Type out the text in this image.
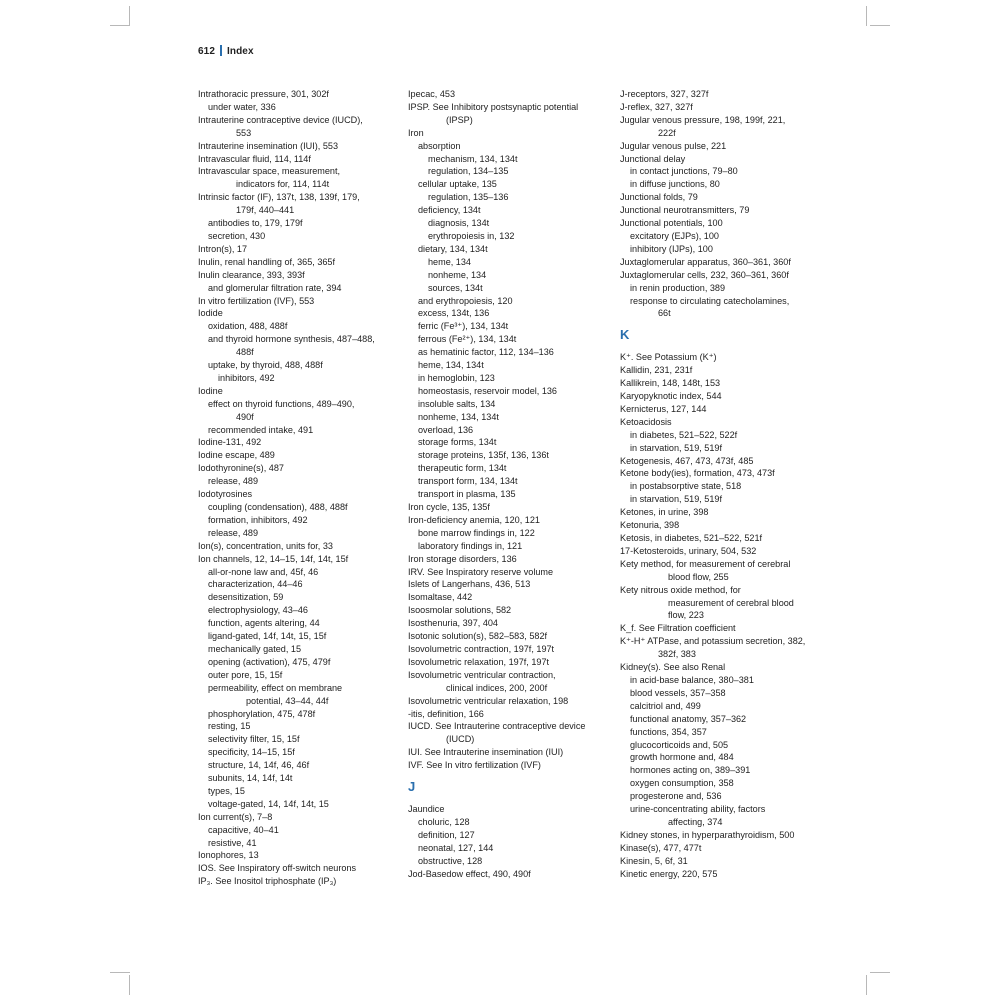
612 Index
Intrathoracic pressure, 301, 302f
under water, 336
Intrauterine contraceptive device (IUCD),
553
Intrauterine insemination (IUI), 553
Intravascular fluid, 114, 114f
Intravascular space, measurement,
indicators for, 114, 114t
Intrinsic factor (IF), 137t, 138, 139f, 179,
179f, 440–441
antibodies to, 179, 179f
secretion, 430
Intron(s), 17
Inulin, renal handling of, 365, 365f
Inulin clearance, 393, 393f
and glomerular filtration rate, 394
In vitro fertilization (IVF), 553
Iodide
oxidation, 488, 488f
and thyroid hormone synthesis, 487–488,
488f
uptake, by thyroid, 488, 488f
inhibitors, 492
Iodine
effect on thyroid functions, 489–490,
490f
recommended intake, 491
Iodine-131, 492
Iodine escape, 489
Iodothyronine(s), 487
release, 489
Iodotyrosines
coupling (condensation), 488, 488f
formation, inhibitors, 492
release, 489
Ion(s), concentration, units for, 33
Ion channels, 12, 14–15, 14f, 14t, 15f
all-or-none law and, 45f, 46
characterization, 44–46
desensitization, 59
electrophysiology, 43–46
function, agents altering, 44
ligand-gated, 14f, 14t, 15, 15f
mechanically gated, 15
opening (activation), 475, 479f
outer pore, 15, 15f
permeability, effect on membrane
potential, 43–44, 44f
phosphorylation, 475, 478f
resting, 15
selectivity filter, 15, 15f
specificity, 14–15, 15f
structure, 14, 14f, 46, 46f
subunits, 14, 14f, 14t
types, 15
voltage-gated, 14, 14f, 14t, 15
Ion current(s), 7–8
capacitive, 40–41
resistive, 41
Ionophores, 13
IOS. See Inspiratory off-switch neurons
IP₃. See Inositol triphosphate (IP₃)
Ipecac, 453
IPSP. See Inhibitory postsynaptic potential
(IPSP)
Iron
absorption
mechanism, 134, 134t
regulation, 134–135
cellular uptake, 135
regulation, 135–136
deficiency, 134t
diagnosis, 134t
erythropoiesis in, 132
dietary, 134, 134t
heme, 134
nonheme, 134
sources, 134t
and erythropoiesis, 120
excess, 134t, 136
ferric (Fe³⁺), 134, 134t
ferrous (Fe²⁺), 134, 134t
as hematinic factor, 112, 134–136
heme, 134, 134t
in hemoglobin, 123
homeostasis, reservoir model, 136
insoluble salts, 134
nonheme, 134, 134t
overload, 136
storage forms, 134t
storage proteins, 135f, 136, 136t
therapeutic form, 134t
transport form, 134, 134t
transport in plasma, 135
Iron cycle, 135, 135f
Iron-deficiency anemia, 120, 121
bone marrow findings in, 122
laboratory findings in, 121
Iron storage disorders, 136
IRV. See Inspiratory reserve volume
Islets of Langerhans, 436, 513
Isomaltase, 442
Isoosmolar solutions, 582
Isosthenuria, 397, 404
Isotonic solution(s), 582–583, 582f
Isovolumetric contraction, 197f, 197t
Isovolumetric relaxation, 197f, 197t
Isovolumetric ventricular contraction,
clinical indices, 200, 200f
Isovolumetric ventricular relaxation, 198
-itis, definition, 166
IUCD. See Intrauterine contraceptive device
(IUCD)
IUI. See Intrauterine insemination (IUI)
IVF. See In vitro fertilization (IVF)
J
Jaundice
choluric, 128
definition, 127
neonatal, 127, 144
obstructive, 128
Jod-Basedow effect, 490, 490f
J-receptors, 327, 327f
J-reflex, 327, 327f
Jugular venous pressure, 198, 199f, 221,
222f
Jugular venous pulse, 221
Junctional delay
in contact junctions, 79–80
in diffuse junctions, 80
Junctional folds, 79
Junctional neurotransmitters, 79
Junctional potentials, 100
excitatory (EJPs), 100
inhibitory (IJPs), 100
Juxtaglomerular apparatus, 360–361, 360f
Juxtaglomerular cells, 232, 360–361, 360f
in renin production, 389
response to circulating catecholamines,
66t
K
K⁺. See Potassium (K⁺)
Kallidin, 231, 231f
Kallikrein, 148, 148t, 153
Karyopyknotic index, 544
Kernicterus, 127, 144
Ketoacidosis
in diabetes, 521–522, 522f
in starvation, 519, 519f
Ketogenesis, 467, 473, 473f, 485
Ketone body(ies), formation, 473, 473f
in postabsorptive state, 518
in starvation, 519, 519f
Ketones, in urine, 398
Ketonuria, 398
Ketosis, in diabetes, 521–522, 521f
17-Ketosteroids, urinary, 504, 532
Kety method, for measurement of cerebral
blood flow, 255
Kety nitrous oxide method, for
measurement of cerebral blood
flow, 223
K_f. See Filtration coefficient
K⁺-H⁺ ATPase, and potassium secretion, 382,
382f, 383
Kidney(s). See also Renal
in acid-base balance, 380–381
blood vessels, 357–358
calcitriol and, 499
functional anatomy, 357–362
functions, 354, 357
glucocorticoids and, 505
growth hormone and, 484
hormones acting on, 389–391
oxygen consumption, 358
progesterone and, 536
urine-concentrating ability, factors
affecting, 374
Kidney stones, in hyperparathyroidism, 500
Kinase(s), 477, 477t
Kinesin, 5, 6f, 31
Kinetic energy, 220, 575
